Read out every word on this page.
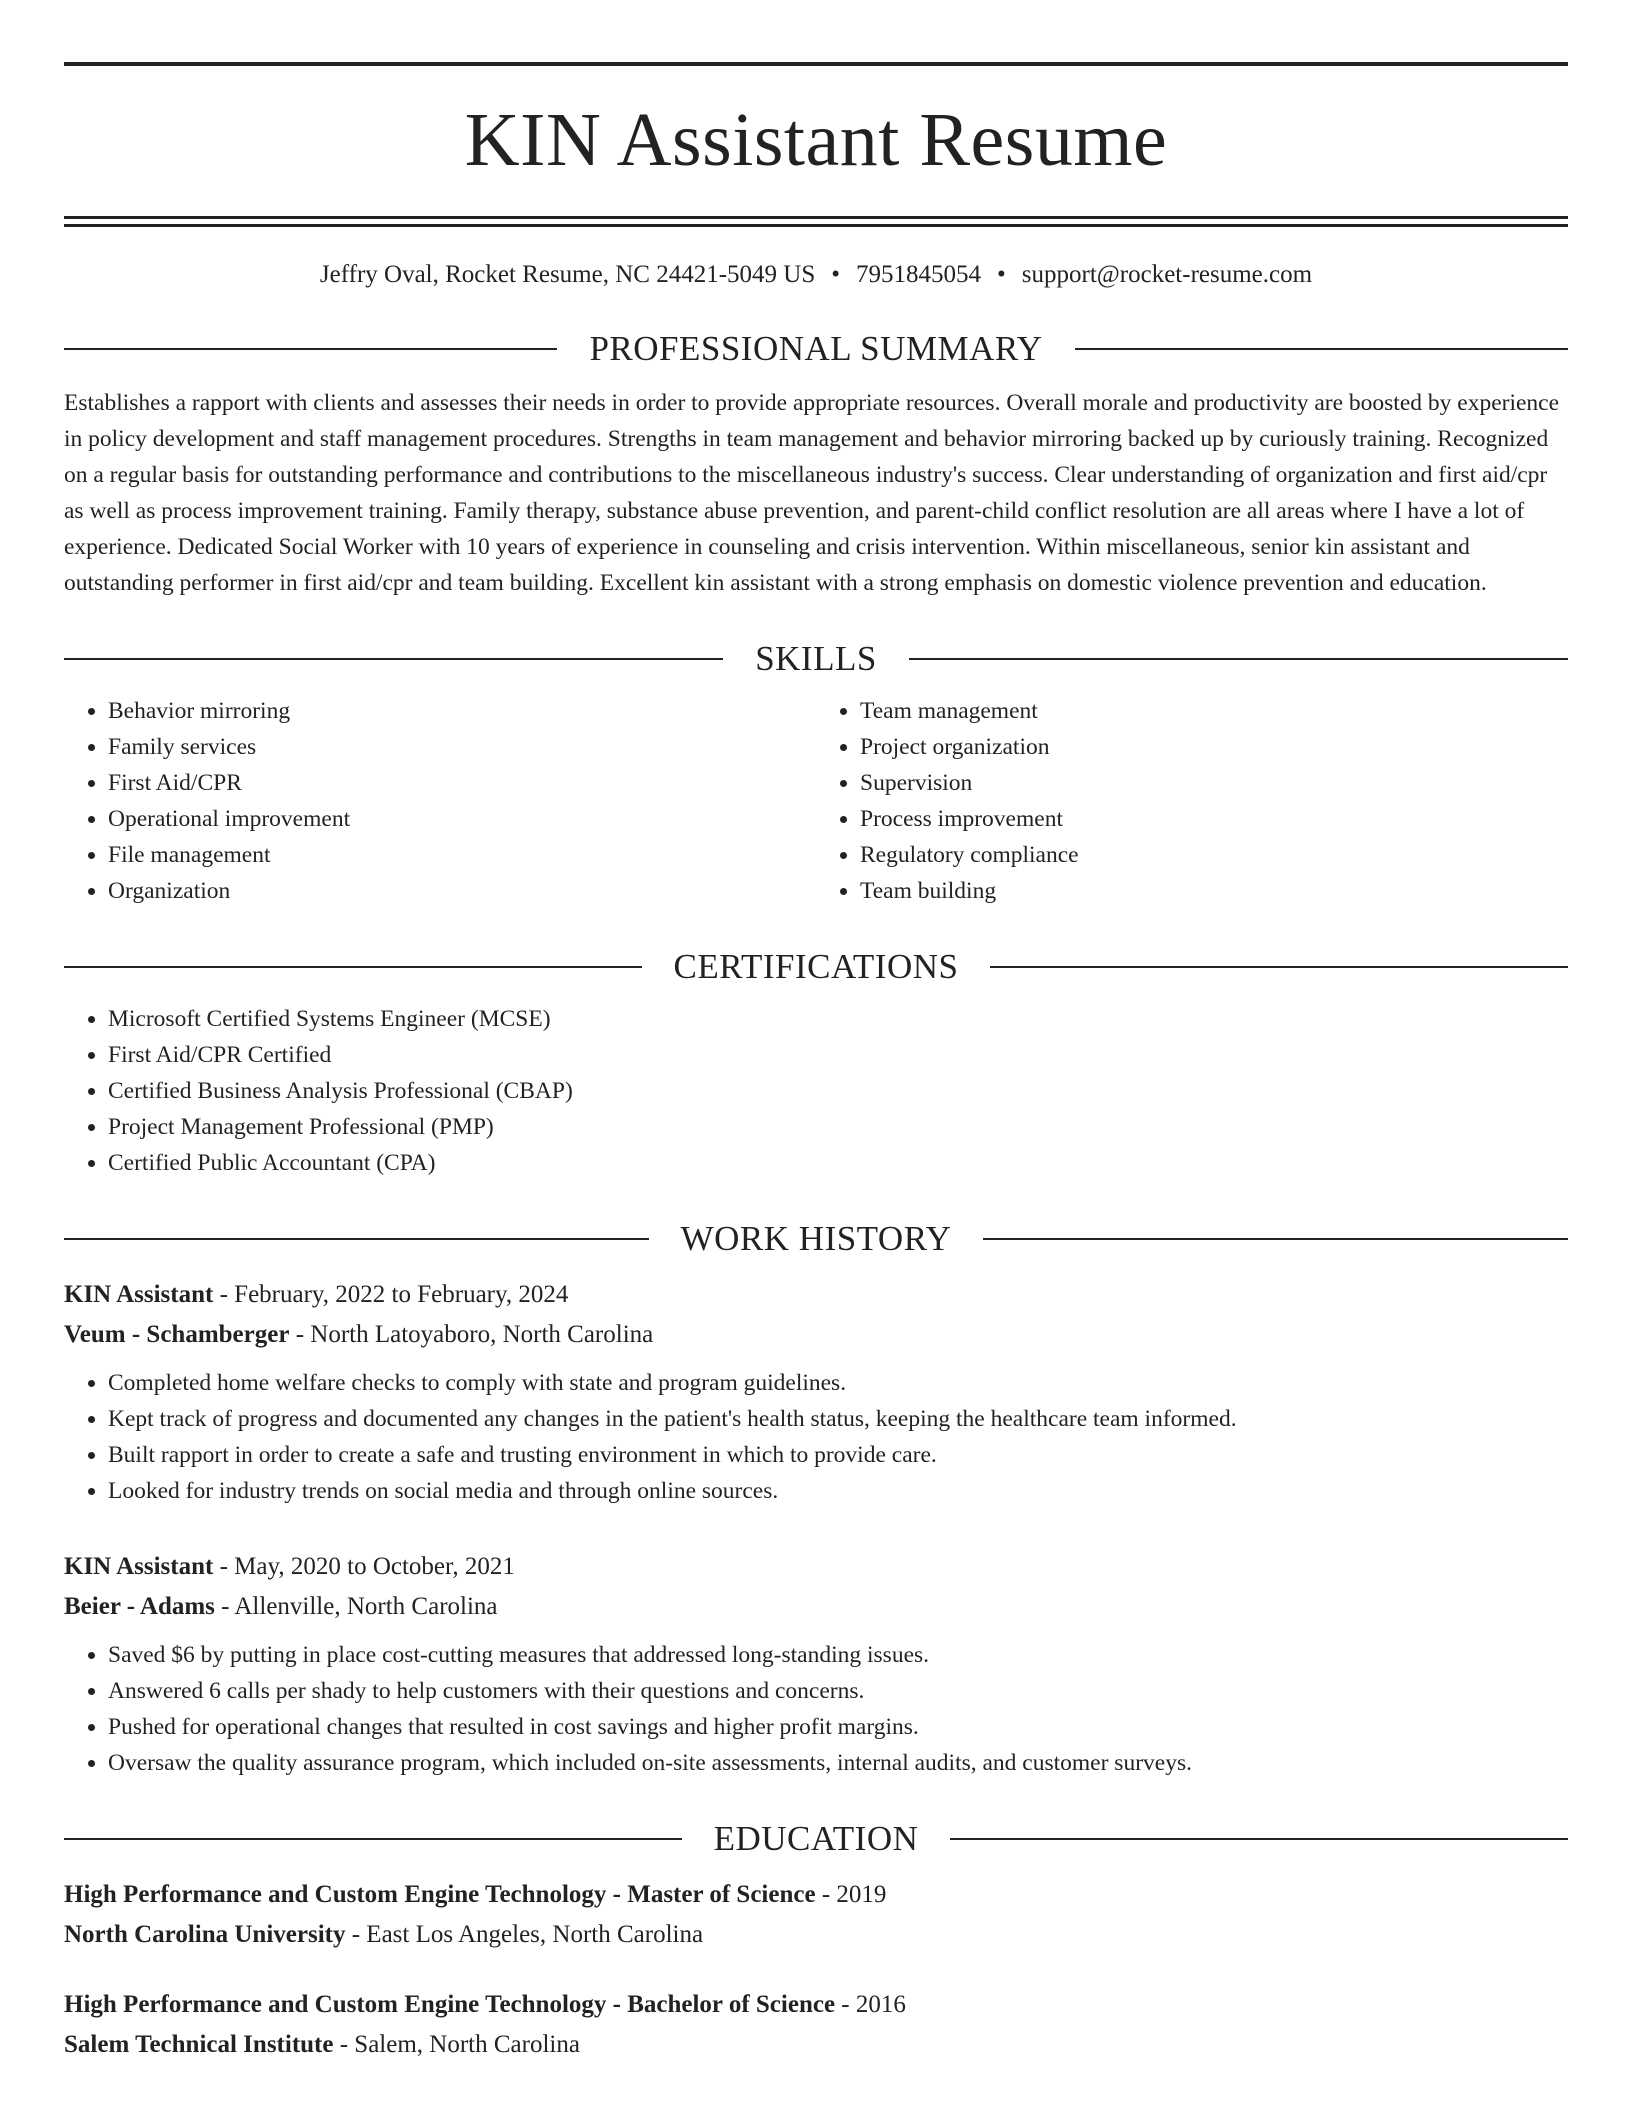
KIN Assistant Resume
Jeffry Oval, Rocket Resume, NC 24421-5049 US • 7951845054 • support@rocket-resume.com
PROFESSIONAL SUMMARY
Establishes a rapport with clients and assesses their needs in order to provide appropriate resources. Overall morale and productivity are boosted by experience in policy development and staff management procedures. Strengths in team management and behavior mirroring backed up by curiously training. Recognized on a regular basis for outstanding performance and contributions to the miscellaneous industry's success. Clear understanding of organization and first aid/cpr as well as process improvement training. Family therapy, substance abuse prevention, and parent-child conflict resolution are all areas where I have a lot of experience. Dedicated Social Worker with 10 years of experience in counseling and crisis intervention. Within miscellaneous, senior kin assistant and outstanding performer in first aid/cpr and team building. Excellent kin assistant with a strong emphasis on domestic violence prevention and education.
SKILLS
• Behavior mirroring
• Family services
• First Aid/CPR
• Operational improvement
• File management
• Organization
• Team management
• Project organization
• Supervision
• Process improvement
• Regulatory compliance
• Team building
CERTIFICATIONS
• Microsoft Certified Systems Engineer (MCSE)
• First Aid/CPR Certified
• Certified Business Analysis Professional (CBAP)
• Project Management Professional (PMP)
• Certified Public Accountant (CPA)
WORK HISTORY
KIN Assistant - February, 2022 to February, 2024
Veum - Schamberger - North Latoyaboro, North Carolina
• Completed home welfare checks to comply with state and program guidelines.
• Kept track of progress and documented any changes in the patient's health status, keeping the healthcare team informed.
• Built rapport in order to create a safe and trusting environment in which to provide care.
• Looked for industry trends on social media and through online sources.
KIN Assistant - May, 2020 to October, 2021
Beier - Adams - Allenville, North Carolina
• Saved $6 by putting in place cost-cutting measures that addressed long-standing issues.
• Answered 6 calls per shady to help customers with their questions and concerns.
• Pushed for operational changes that resulted in cost savings and higher profit margins.
• Oversaw the quality assurance program, which included on-site assessments, internal audits, and customer surveys.
EDUCATION
High Performance and Custom Engine Technology - Master of Science - 2019
North Carolina University - East Los Angeles, North Carolina
High Performance and Custom Engine Technology - Bachelor of Science - 2016
Salem Technical Institute - Salem, North Carolina
